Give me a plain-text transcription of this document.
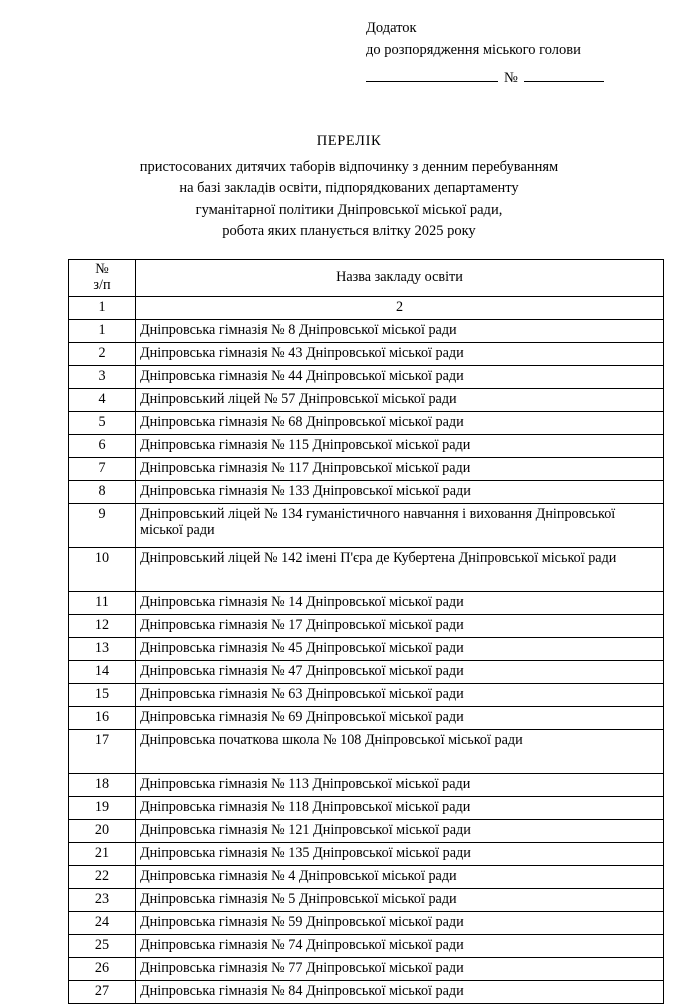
Додаток
до розпорядження міського голови
№
ПЕРЕЛІК
пристосованих дитячих таборів відпочинку з денним перебуванням
на базі закладів освіти, підпорядкованих департаменту
гуманітарної політики Дніпровської міської ради,
робота яких планується влітку 2025 року
№
з/п	Назва закладу освіти
1	2
1	Дніпровська гімназія № 8 Дніпровської міської ради
2	Дніпровська гімназія № 43 Дніпровської міської ради
3	Дніпровська гімназія № 44 Дніпровської міської ради
4	Дніпровський ліцей № 57 Дніпровської міської ради
5	Дніпровська гімназія № 68 Дніпровської міської ради
6	Дніпровська гімназія № 115 Дніпровської міської ради
7	Дніпровська гімназія № 117 Дніпровської міської ради
8	Дніпровська гімназія № 133 Дніпровської міської ради
9	Дніпровський ліцей № 134 гуманістичного навчання і виховання Дніпровської міської ради
10	Дніпровський ліцей № 142 імені П'єра де Кубертена Дніпровської міської ради
11	Дніпровська гімназія № 14 Дніпровської міської ради
12	Дніпровська гімназія № 17 Дніпровської міської ради
13	Дніпровська гімназія № 45 Дніпровської міської ради
14	Дніпровська гімназія № 47 Дніпровської міської ради
15	Дніпровська гімназія № 63 Дніпровської міської ради
16	Дніпровська гімназія № 69 Дніпровської міської ради
17	Дніпровська початкова школа № 108 Дніпровської міської ради
18	Дніпровська гімназія № 113 Дніпровської міської ради
19	Дніпровська гімназія № 118 Дніпровської міської ради
20	Дніпровська гімназія № 121 Дніпровської міської ради
21	Дніпровська гімназія № 135 Дніпровської міської ради
22	Дніпровська гімназія № 4 Дніпровської міської ради
23	Дніпровська гімназія № 5 Дніпровської міської ради
24	Дніпровська гімназія № 59 Дніпровської міської ради
25	Дніпровська гімназія № 74 Дніпровської міської ради
26	Дніпровська гімназія № 77 Дніпровської міської ради
27	Дніпровська гімназія № 84 Дніпровської міської ради
